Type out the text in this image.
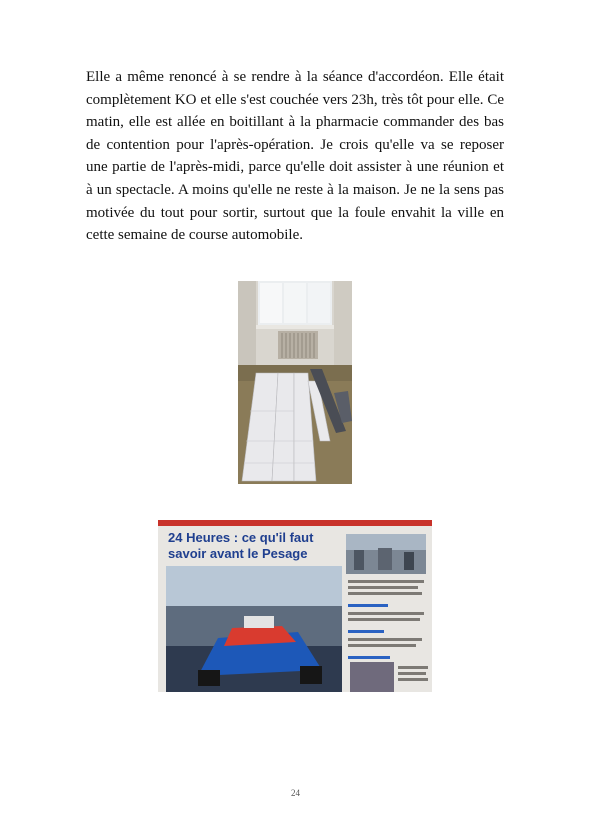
Elle a même renoncé à se rendre à la séance d'accordéon. Elle était complètement KO et elle s'est couchée vers 23h, très tôt pour elle. Ce matin, elle est allée en boitillant à la pharmacie commander des bas de contention pour l'après-opération. Je crois qu'elle va se reposer une partie de l'après-midi, parce qu'elle doit assister à une réunion et à un spectacle. A moins qu'elle ne reste à la maison. Je ne la sens pas motivée du tout pour sortir, surtout que la foule envahit la ville en cette semaine de course automobile.

24 Heures : ce qu'il faut
savoir avant le Pesage
24
